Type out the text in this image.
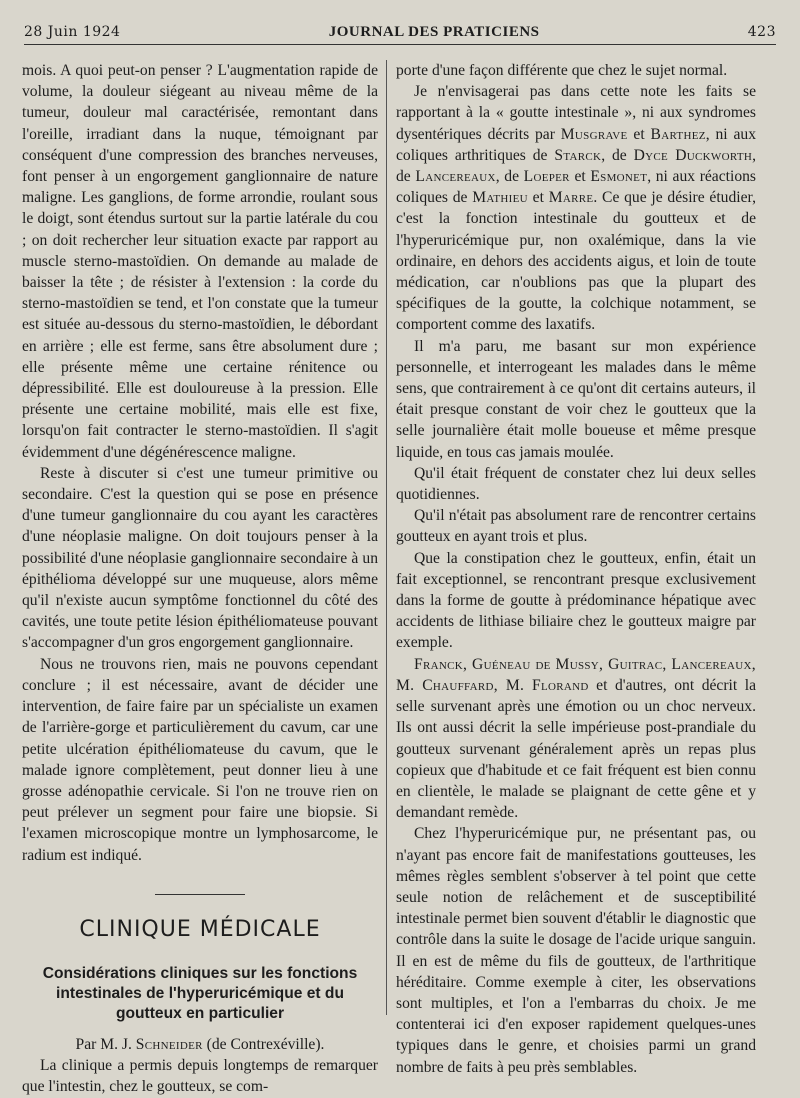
28 Juin 1924	JOURNAL DES PRATICIENS	423

mois. A quoi peut-on penser ? L'augmentation rapide de volume, la douleur siégeant au niveau même de la tumeur, douleur mal caractérisée, remontant dans l'oreille, irradiant dans la nuque, témoignant par conséquent d'une compression des branches nerveuses, font penser à un engorgement ganglionnaire de nature maligne. Les ganglions, de forme arrondie, roulant sous le doigt, sont étendus surtout sur la partie latérale du cou ; on doit rechercher leur situation exacte par rapport au muscle sterno-mastoïdien. On demande au malade de baisser la tête ; de résister à l'extension : la corde du sterno-mastoïdien se tend, et l'on constate que la tumeur est située au-dessous du sterno-mastoïdien, le débordant en arrière ; elle est ferme, sans être absolument dure ; elle présente même une certaine rénitence ou dépressibilité. Elle est douloureuse à la pression. Elle présente une certaine mobilité, mais elle est fixe, lorsqu'on fait contracter le sterno-mastoïdien. Il s'agit évidemment d'une dégénérescence maligne.

Reste à discuter si c'est une tumeur primitive ou secondaire. C'est la question qui se pose en présence d'une tumeur ganglionnaire du cou ayant les caractères d'une néoplasie maligne. On doit toujours penser à la possibilité d'une néoplasie ganglionnaire secondaire à un épithélioma développé sur une muqueuse, alors même qu'il n'existe aucun symptôme fonctionnel du côté des cavités, une toute petite lésion épithéliomateuse pouvant s'accompagner d'un gros engorgement ganglionnaire.

Nous ne trouvons rien, mais ne pouvons cependant conclure ; il est nécessaire, avant de décider une intervention, de faire faire par un spécialiste un examen de l'arrière-gorge et particulièrement du cavum, car une petite ulcération épithéliomateuse du cavum, que le malade ignore complètement, peut donner lieu à une grosse adénopathie cervicale. Si l'on ne trouve rien on peut prélever un segment pour faire une biopsie. Si l'examen microscopique montre un lymphosarcome, le radium est indiqué.

CLINIQUE MÉDICALE
Considérations cliniques sur les fonctions intestinales de l'hyperuricémique et du goutteux en particulier

Par M. J. Schneider (de Contrexéville).

La clinique a permis depuis longtemps de remarquer que l'intestin, chez le goutteux, se com-

porte d'une façon différente que chez le sujet normal.

Je n'envisagerai pas dans cette note les faits se rapportant à la « goutte intestinale », ni aux syndromes dysentériques décrits par Musgrave et Barthez, ni aux coliques arthritiques de Starck, de Dyce Duckworth, de Lancereaux, de Loeper et Esmonet, ni aux réactions coliques de Mathieu et Marre. Ce que je désire étudier, c'est la fonction intestinale du goutteux et de l'hyperuricémique pur, non oxalémique, dans la vie ordinaire, en dehors des accidents aigus, et loin de toute médication, car n'oublions pas que la plupart des spécifiques de la goutte, la colchique notamment, se comportent comme des laxatifs.

Il m'a paru, me basant sur mon expérience personnelle, et interrogeant les malades dans le même sens, que contrairement à ce qu'ont dit certains auteurs, il était presque constant de voir chez le goutteux que la selle journalière était molle boueuse et même presque liquide, en tous cas jamais moulée.

Qu'il était fréquent de constater chez lui deux selles quotidiennes.

Qu'il n'était pas absolument rare de rencontrer certains goutteux en ayant trois et plus.

Que la constipation chez le goutteux, enfin, était un fait exceptionnel, se rencontrant presque exclusivement dans la forme de goutte à prédominance hépatique avec accidents de lithiase biliaire chez le goutteux maigre par exemple.

Franck, Guéneau de Mussy, Guitrac, Lancereaux, M. Chauffard, M. Florand et d'autres, ont décrit la selle survenant après une émotion ou un choc nerveux. Ils ont aussi décrit la selle impérieuse post-prandiale du goutteux survenant généralement après un repas plus copieux que d'habitude et ce fait fréquent est bien connu en clientèle, le malade se plaignant de cette gêne et y demandant remède.

Chez l'hyperuricémique pur, ne présentant pas, ou n'ayant pas encore fait de manifestations goutteuses, les mêmes règles semblent s'observer à tel point que cette seule notion de relâchement et de susceptibilité intestinale permet bien souvent d'établir le diagnostic que contrôle dans la suite le dosage de l'acide urique sanguin. Il en est de même du fils de goutteux, de l'arthritique héréditaire. Comme exemple à citer, les observations sont multiples, et l'on a l'embarras du choix. Je me contenterai ici d'en exposer rapidement quelques-unes typiques dans le genre, et choisies parmi un grand nombre de faits à peu près semblables.
